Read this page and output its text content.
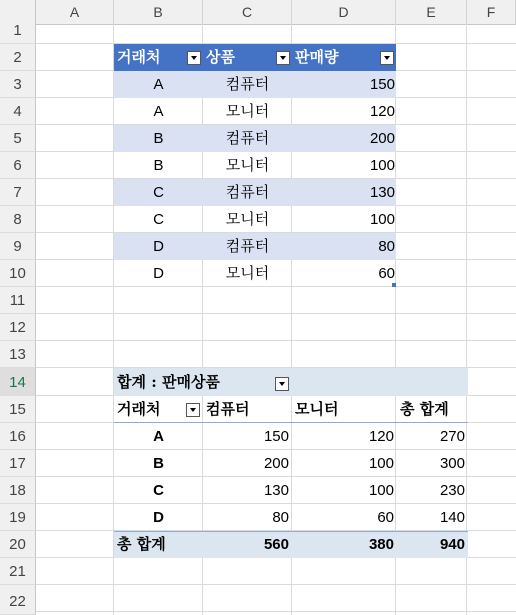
A	B	C	D	E	F
1
2
3
4
5
6
7
8
9
10
11
12
13
14
15
16
17
18
19
20
21
22
거래처	상품	판매량
A	컴퓨터	150
A	모니터	120
B	컴퓨터	200
B	모니터	100
C	컴퓨터	130
C	모니터	100
D	컴퓨터	80
D	모니터	60
합계 : 판매상품
거래처	컴퓨터	모니터	총 합계
A	150	120	270
B	200	100	300
C	130	100	230
D	80	60	140
총 합계	560	380	940
